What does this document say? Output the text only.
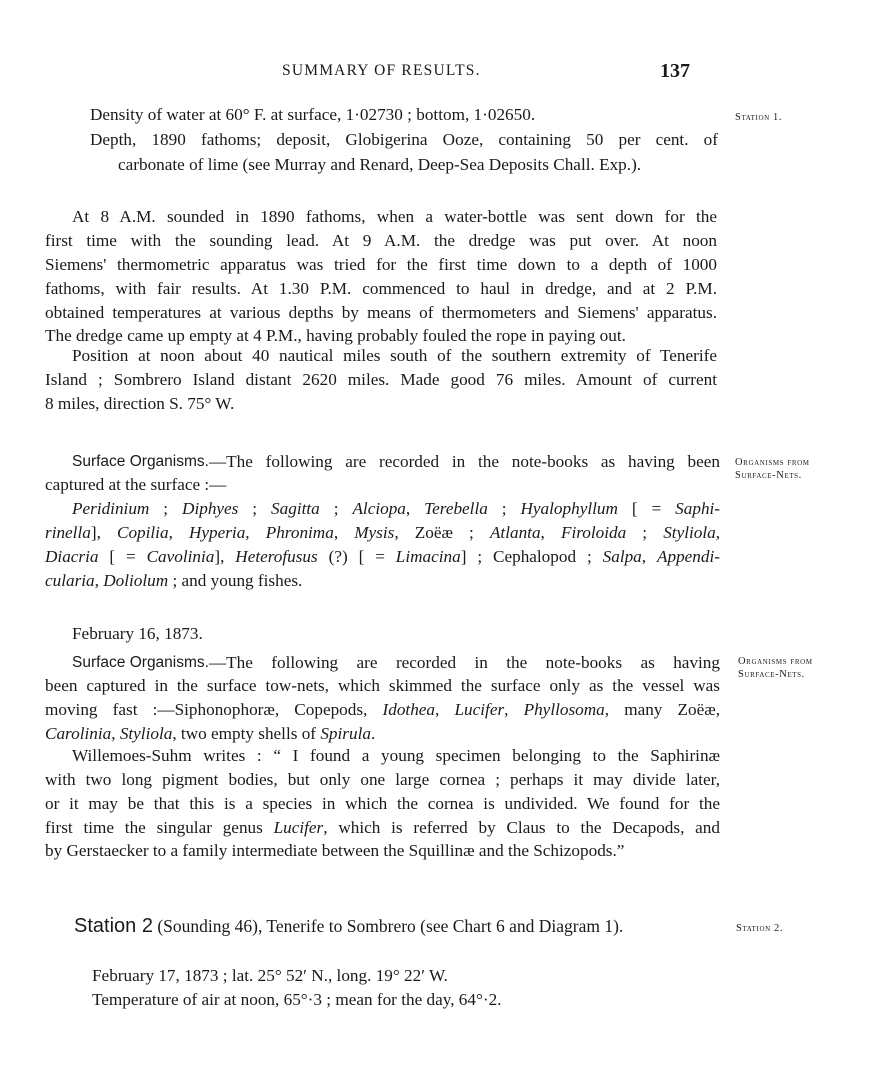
SUMMARY OF RESULTS.	137
Station 1.
Organisms from
Surface-Nets.
Organisms from
Surface-Nets.
Station 2.
Density of water at 60° F. at surface, 1·02730 ; bottom, 1·02650.
Depth, 1890 fathoms; deposit, Globigerina Ooze, containing 50 per cent. of
carbonate of lime (see Murray and Renard, Deep-Sea Deposits Chall. Exp.).
At 8 A.M. sounded in 1890 fathoms, when a water-bottle was sent down for the
first time with the sounding lead. At 9 A.M. the dredge was put over. At noon
Siemens' thermometric apparatus was tried for the first time down to a depth of 1000
fathoms, with fair results. At 1.30 P.M. commenced to haul in dredge, and at 2 P.M.
obtained temperatures at various depths by means of thermometers and Siemens' apparatus.
The dredge came up empty at 4 P.M., having probably fouled the rope in paying out.
Position at noon about 40 nautical miles south of the southern extremity of Tenerife
Island ; Sombrero Island distant 2620 miles. Made good 76 miles. Amount of current
8 miles, direction S. 75° W.
Surface Organisms. —The following are recorded in the note-books as having been
captured at the surface :—
Peridinium ; Diphyes ; Sagitta ; Alciopa, Terebella ; Hyalophyllum [ = Saphi-
rinella], Copilia, Hyperia, Phronima, Mysis, Zoëæ ; Atlanta, Firoloida ; Styliola,
Diacria [ = Cavolinia], Heterofusus (?) [ = Limacina] ; Cephalopod ; Salpa, Appendi-
cularia, Doliolum ; and young fishes.
February 16, 1873.
Surface Organisms. —The following are recorded in the note-books as having
been captured in the surface tow-nets, which skimmed the surface only as the vessel was
moving fast :—Siphonophoræ, Copepods, Idothea, Lucifer, Phyllosoma, many Zoëæ,
Carolinia, Styliola, two empty shells of Spirula.
Willemoes-Suhm writes : “ I found a young specimen belonging to the Saphirinæ
with two long pigment bodies, but only one large cornea ; perhaps it may divide later,
or it may be that this is a species in which the cornea is undivided. We found for the
first time the singular genus Lucifer, which is referred by Claus to the Decapods, and
by Gerstaecker to a family intermediate between the Squillinæ and the Schizopods.”
Station 2 (Sounding 46), Tenerife to Sombrero (see Chart 6 and Diagram 1).
February 17, 1873 ; lat. 25° 52′ N., long. 19° 22′ W.
Temperature of air at noon, 65°·3 ; mean for the day, 64°·2.
